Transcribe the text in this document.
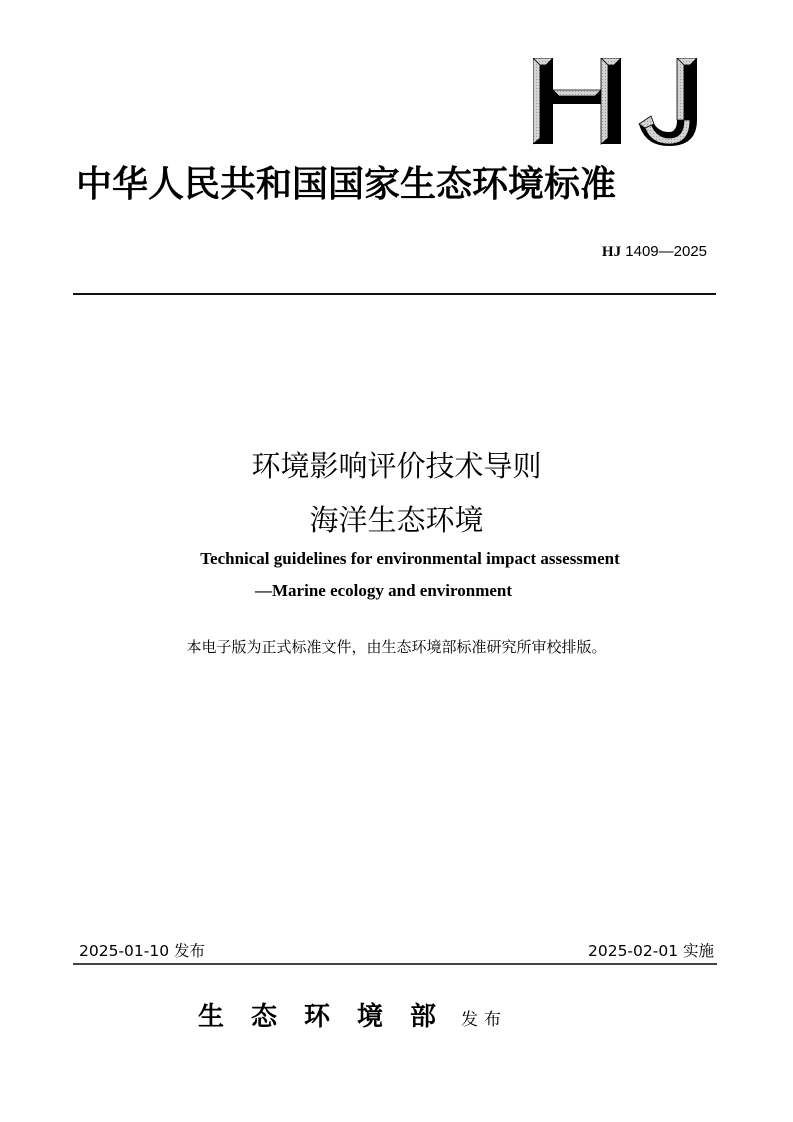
中华人民共和国国家生态环境标准
HJ 1409—2025
环境影响评价技术导则
海洋生态环境
Technical guidelines for environmental impact assessment
—Marine ecology and environment
本电子版为正式标准文件，由生态环境部标准研究所审校排版。
2025-01-10 发布	2025-02-01 实施
生态环境部
发布
